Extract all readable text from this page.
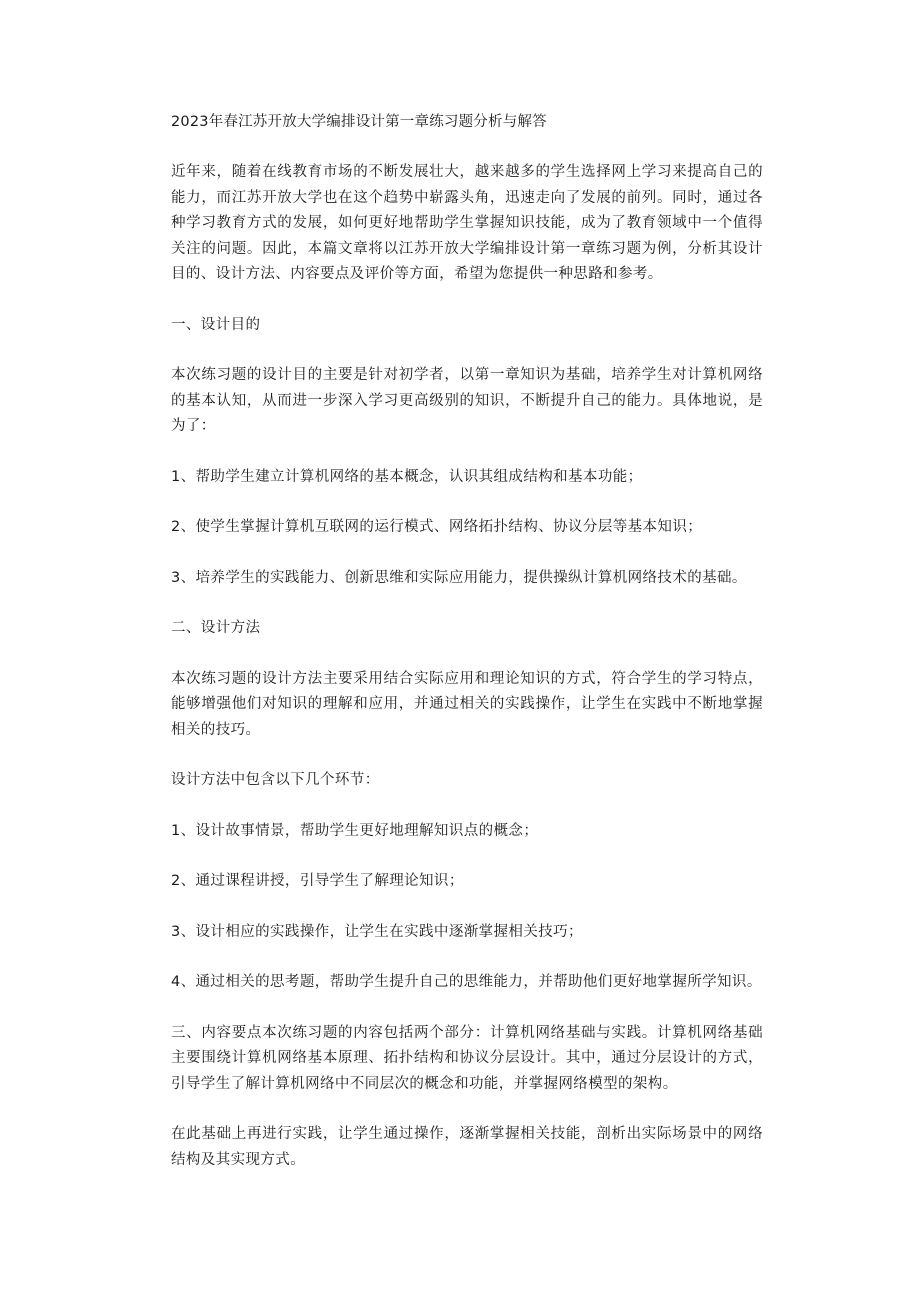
2023年春江苏开放大学编排设计第一章练习题分析与解答

近年来，随着在线教育市场的不断发展壮大，越来越多的学生选择网上学习来提高自己的能力，而江苏开放大学也在这个趋势中崭露头角，迅速走向了发展的前列。同时，通过各种学习教育方式的发展，如何更好地帮助学生掌握知识技能，成为了教育领域中一个值得关注的问题。因此，本篇文章将以江苏开放大学编排设计第一章练习题为例，分析其设计目的、设计方法、内容要点及评价等方面，希望为您提供一种思路和参考。

一、设计目的

本次练习题的设计目的主要是针对初学者，以第一章知识为基础，培养学生对计算机网络的基本认知，从而进一步深入学习更高级别的知识，不断提升自己的能力。具体地说，是为了：

1、帮助学生建立计算机网络的基本概念，认识其组成结构和基本功能；

2、使学生掌握计算机互联网的运行模式、网络拓扑结构、协议分层等基本知识；

3、培养学生的实践能力、创新思维和实际应用能力，提供操纵计算机网络技术的基础。

二、设计方法

本次练习题的设计方法主要采用结合实际应用和理论知识的方式，符合学生的学习特点，能够增强他们对知识的理解和应用，并通过相关的实践操作，让学生在实践中不断地掌握相关的技巧。

设计方法中包含以下几个环节：

1、设计故事情景，帮助学生更好地理解知识点的概念；

2、通过课程讲授，引导学生了解理论知识；

3、设计相应的实践操作，让学生在实践中逐渐掌握相关技巧；

4、通过相关的思考题，帮助学生提升自己的思维能力，并帮助他们更好地掌握所学知识。

三、内容要点本次练习题的内容包括两个部分：计算机网络基础与实践。计算机网络基础主要围绕计算机网络基本原理、拓扑结构和协议分层设计。其中，通过分层设计的方式，引导学生了解计算机网络中不同层次的概念和功能，并掌握网络模型的架构。

在此基础上再进行实践，让学生通过操作，逐渐掌握相关技能，剖析出实际场景中的网络结构及其实现方式。
